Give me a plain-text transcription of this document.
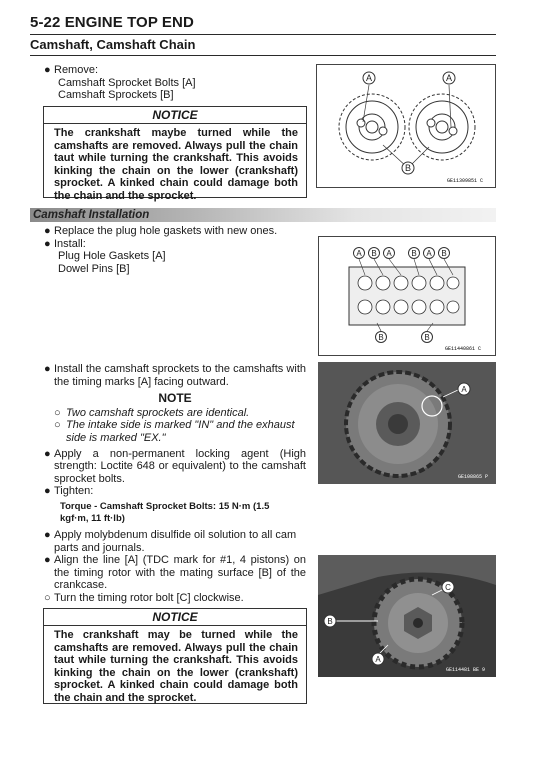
5-22 ENGINE TOP END
Camshaft, Camshaft Chain
● Remove:
Camshaft Sprocket Bolts [A]
Camshaft Sprockets [B]
NOTICE
The crankshaft maybe turned while the camshafts are removed. Always pull the chain taut while turning the crankshaft. This avoids kinking the chain on the lower (crankshaft) sprocket. A kinked chain could damage both the chain and the sprocket.
A	A
B
GE11309851 C
Camshaft Installation
● Replace the plug hole gaskets with new ones.
● Install:
Plug Hole Gaskets [A]
Dowel Pins [B]
A B A B A B
B	B
GE11440861 C
● Install the camshaft sprockets to the camshafts with the timing marks [A] facing outward.
NOTE
○ Two camshaft sprockets are identical.
○ The intake side is marked "IN" and the exhaust side is marked "EX."
● Apply a non-permanent locking agent (High strength: Loctite 648 or equivalent) to the camshaft sprocket bolts.
● Tighten:
Torque - Camshaft Sprocket Bolts: 15 N·m (1.5 kgf·m, 11 ft·lb)
● Apply molybdenum disulfide oil solution to all cam parts and journals.
● Align the line [A] (TDC mark for #1, 4 pistons) on the timing rotor with the mating surface [B] of the crankcase.
○ Turn the timing rotor bolt [C] clockwise.
A
GE108865 P
C
B
A
GE114481 BE 9
NOTICE
The crankshaft may be turned while the camshafts are removed. Always pull the chain taut while turning the crankshaft. This avoids kinking the chain on the lower (crankshaft) sprocket. A kinked chain could damage both the chain and the sprocket.
